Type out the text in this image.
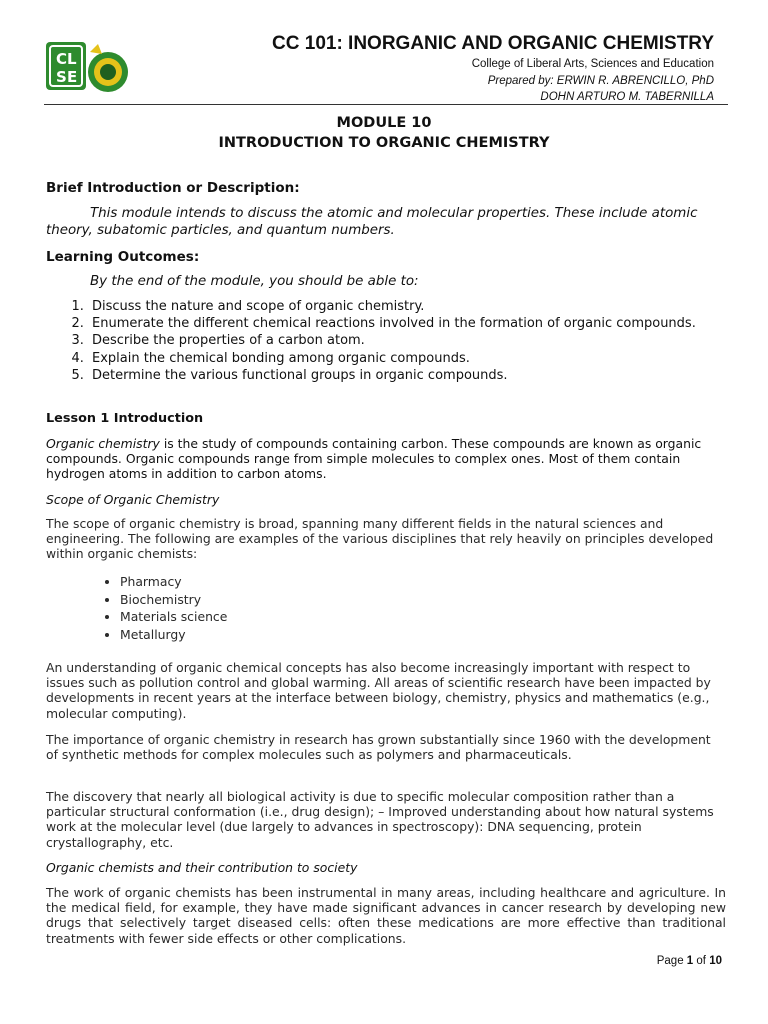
C L
S E
CC 101: INORGANIC AND ORGANIC CHEMISTRY
College of Liberal Arts, Sciences and Education
Prepared by: ERWIN R. ABRENCILLO, PhD
DOHN ARTURO M. TABERNILLA
MODULE 10
INTRODUCTION TO ORGANIC CHEMISTRY
Brief Introduction or Description:
This module intends to discuss the atomic and molecular properties. These include atomic theory, subatomic particles, and quantum numbers.
Learning Outcomes:
By the end of the module, you should be able to:
1. Discuss the nature and scope of organic chemistry.
2. Enumerate the different chemical reactions involved in the formation of organic compounds.
3. Describe the properties of a carbon atom.
4. Explain the chemical bonding among organic compounds.
5. Determine the various functional groups in organic compounds.
Lesson 1 Introduction
Organic chemistry is the study of compounds containing carbon. These compounds are known as organic compounds. Organic compounds range from simple molecules to complex ones. Most of them contain hydrogen atoms in addition to carbon atoms.
Scope of Organic Chemistry
The scope of organic chemistry is broad, spanning many different fields in the natural sciences and engineering. The following are examples of the various disciplines that rely heavily on principles developed within organic chemists:
• Pharmacy
• Biochemistry
• Materials science
• Metallurgy
An understanding of organic chemical concepts has also become increasingly important with respect to issues such as pollution control and global warming. All areas of scientific research have been impacted by developments in recent years at the interface between biology, chemistry, physics and mathematics (e.g., molecular computing).
The importance of organic chemistry in research has grown substantially since 1960 with the development of synthetic methods for complex molecules such as polymers and pharmaceuticals.
The discovery that nearly all biological activity is due to specific molecular composition rather than a particular structural conformation (i.e., drug design); – Improved understanding about how natural systems work at the molecular level (due largely to advances in spectroscopy): DNA sequencing, protein crystallography, etc.
Organic chemists and their contribution to society
The work of organic chemists has been instrumental in many areas, including healthcare and agriculture. In the medical field, for example, they have made significant advances in cancer research by developing new drugs that selectively target diseased cells: often these medications are more effective than traditional treatments with fewer side effects or other complications.
Page 1 of 10
